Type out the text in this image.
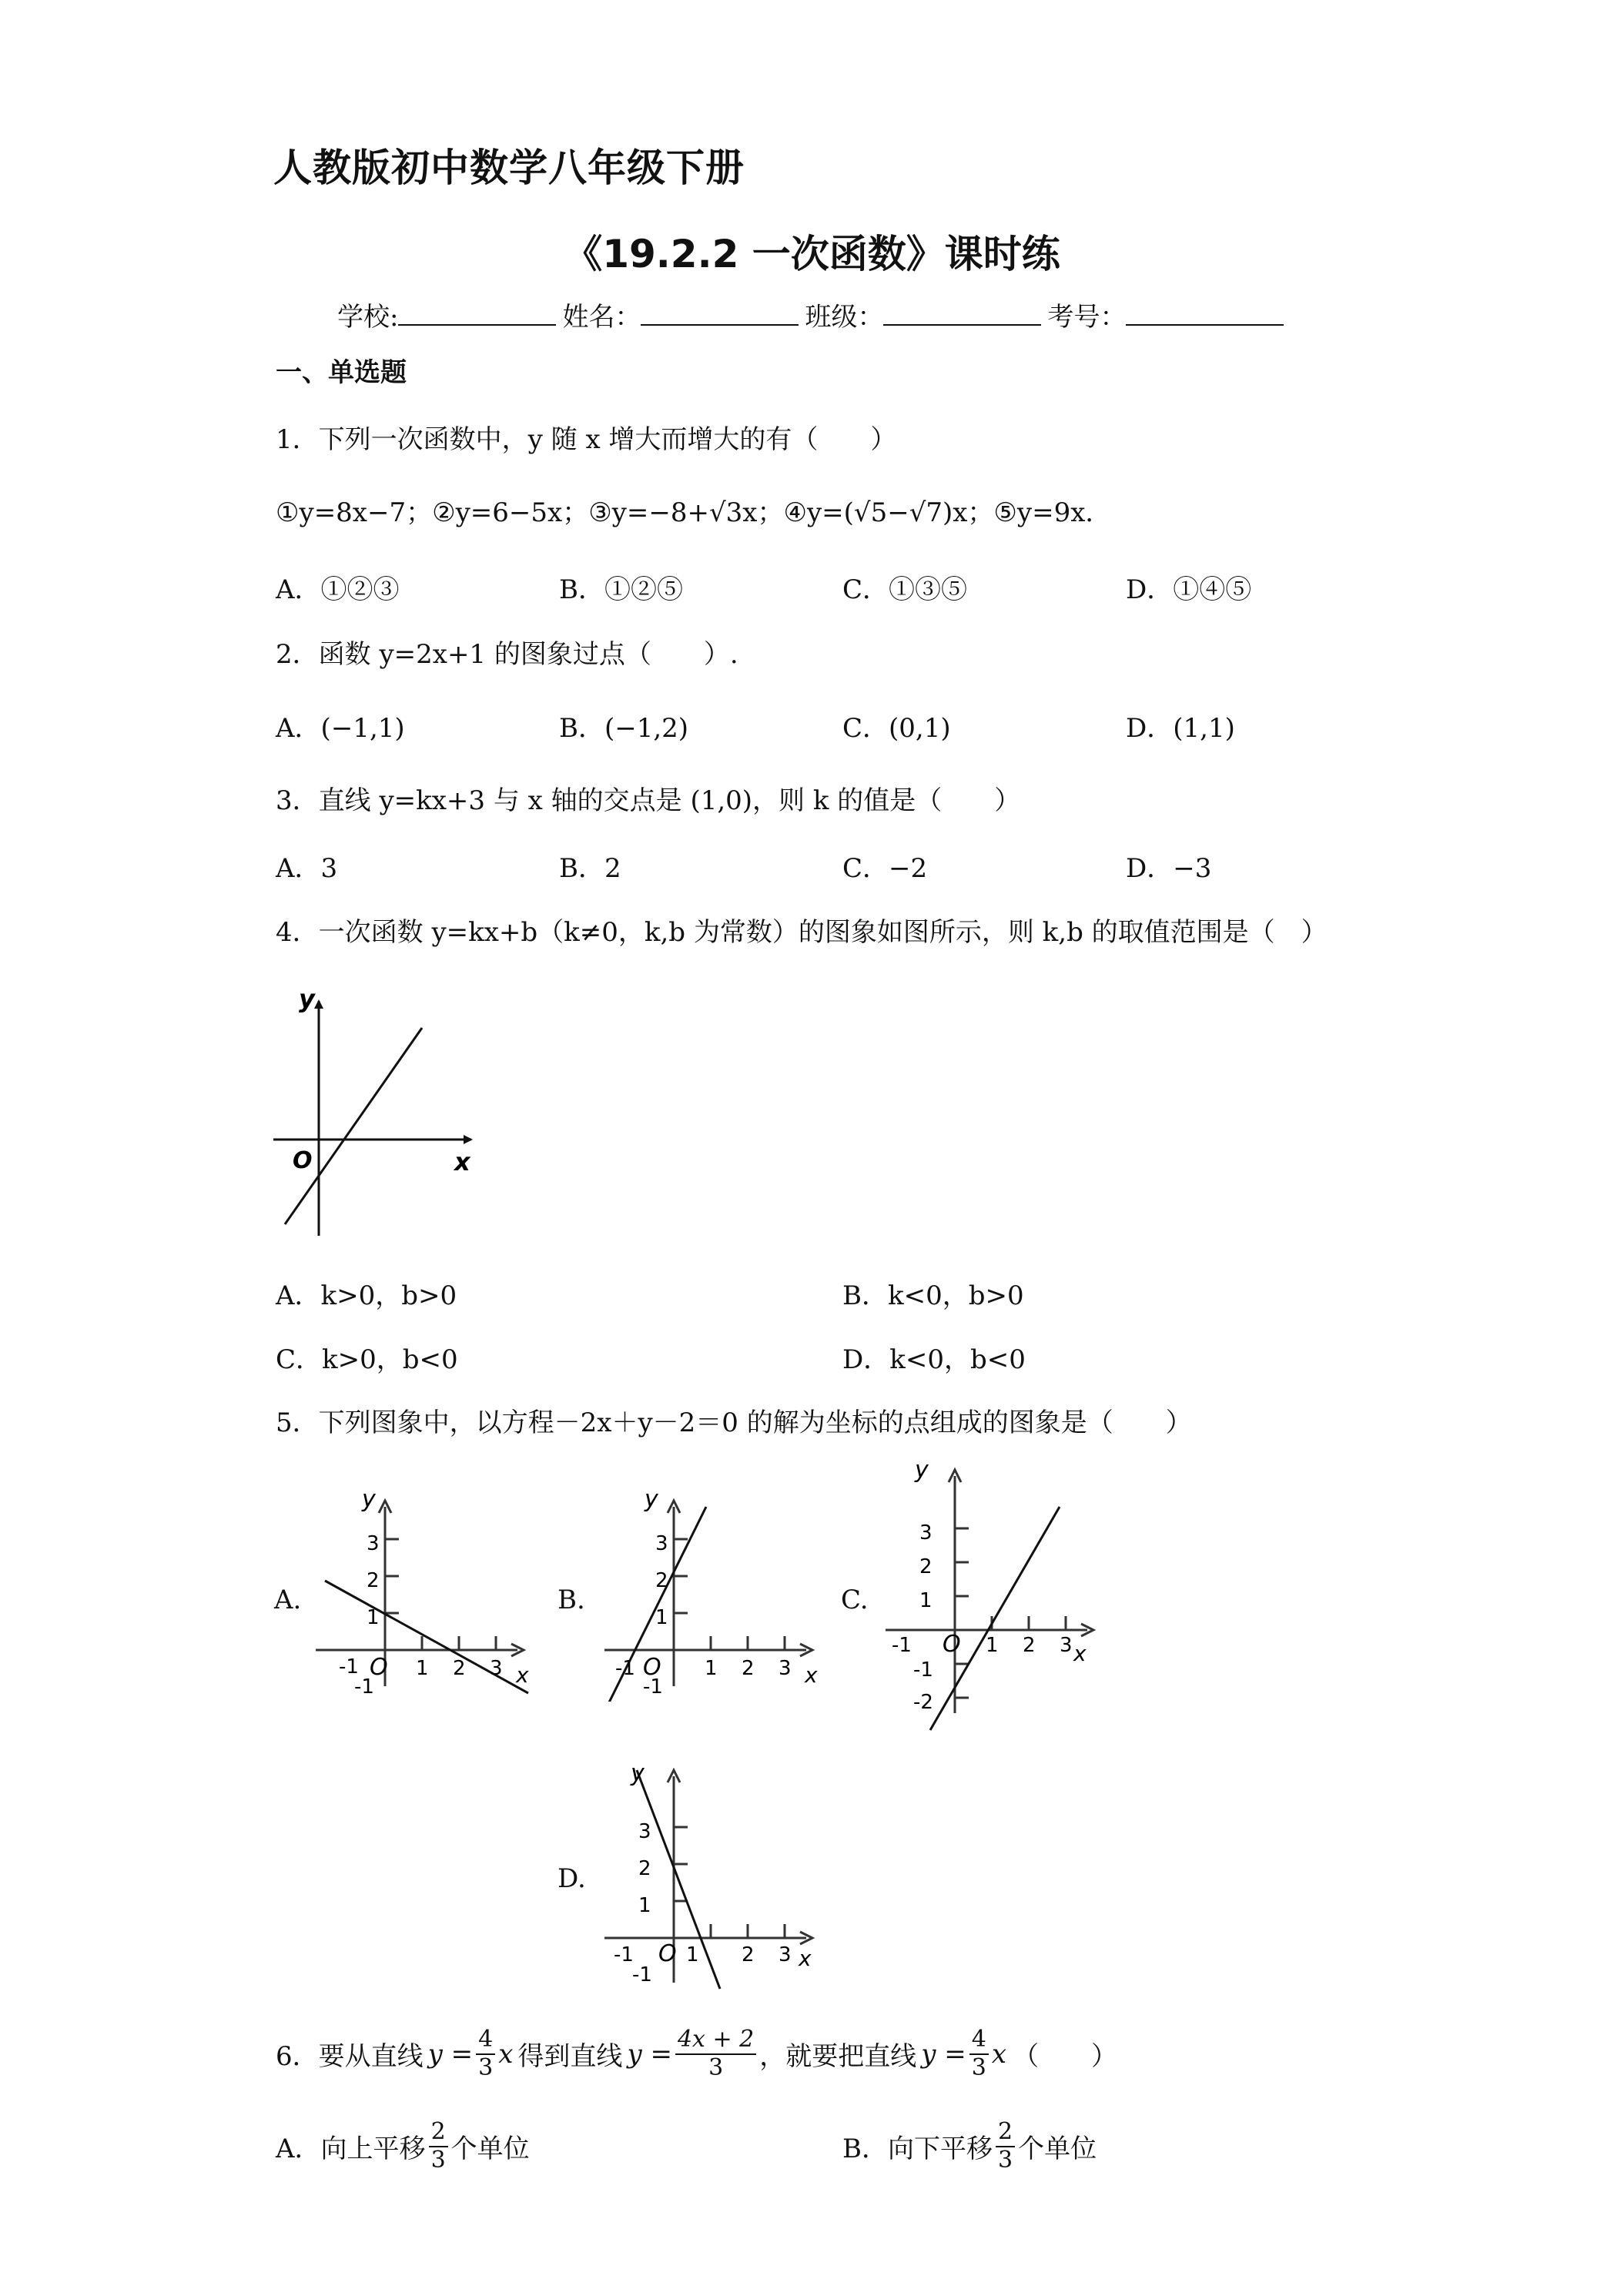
人教版初中数学八年级下册
《19.2.2 一次函数》课时练
学校:	姓名：	班级：	考号：
一、单选题
1．下列一次函数中，y 随 x 增大而增大的有（　　）
①y=8x−7；②y=6−5x；③y=−8+√3x；④y=(√5−√7)x；⑤y=9x．
A．①②③	B．①②⑤	C．①③⑤	D．①④⑤
2．函数 y=2x+1 的图象过点（　　）.
A．(−1,1)	B．(−1,2)	C．(0,1)	D．(1,1)
3．直线 y=kx+3 与 x 轴的交点是 (1,0)，则 k 的值是（　　）
A．3	B．2	C．−2	D．−3
4．一次函数 y=kx+b（k≠0，k,b 为常数）的图象如图所示，则 k,b 的取值范围是（　）
y
x
O
A．k>0，b>0	B．k<0，b>0
C．k>0，b<0	D．k<0，b<0
5．下列图象中，以方程－2x＋y－2＝0 的解为坐标的点组成的图象是（　　）
A.	B.	C.
D.
y
x
O
3
2
1
-1
-1
1 2 3
y
x
O
3
2
1
-1
-1
1 2 3
y
x
O
3
2
1
-1
-1
-2
1 2 3
y
x
O
3
2
1
-1
-1
1 2 3
6．要从直线 $y = \frac{4}{3}$ x 得到直线 $y = \frac{4x + 2}{3}$ ，就要把直线 $y = \frac{4}{3}$ x （　　）
A．向上平移 $\frac{2}{3}$ 个单位	B．向下平移 $\frac{2}{3}$ 个单位
